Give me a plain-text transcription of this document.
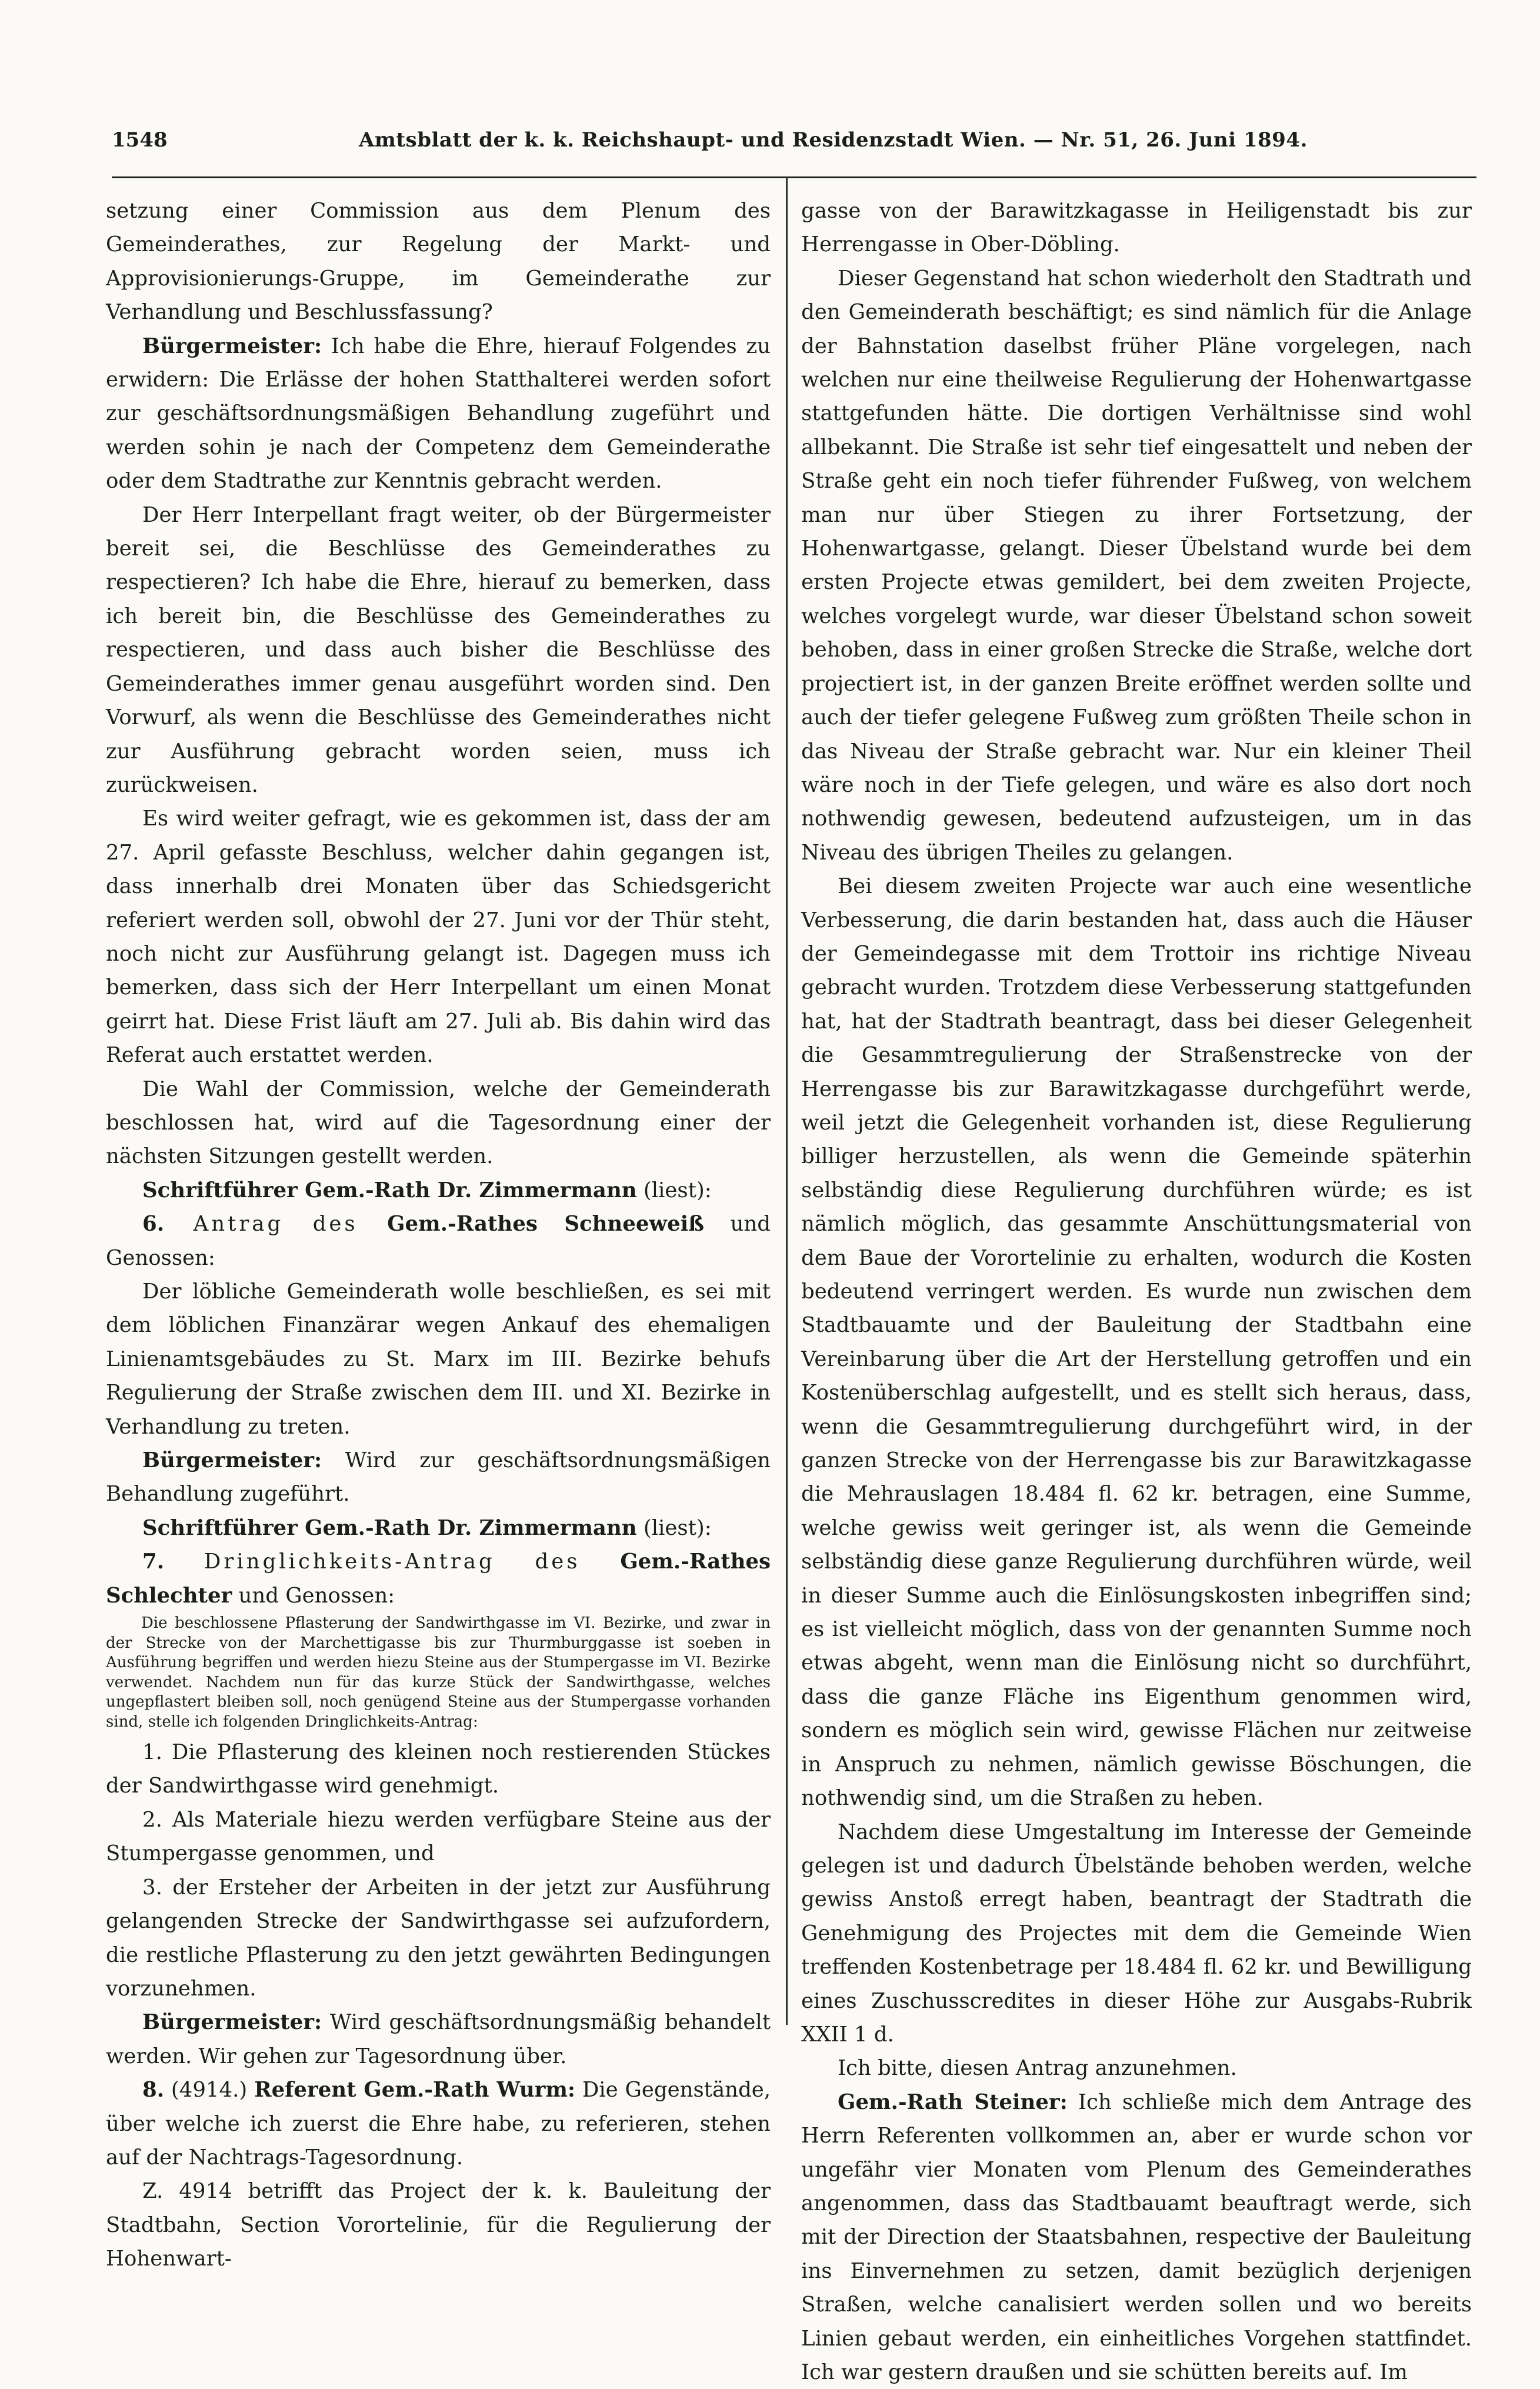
1548	Amtsblatt der k. k. Reichshaupt- und Residenzstadt Wien. — Nr. 51, 26. Juni 1894.

setzung einer Commission aus dem Plenum des Gemeinderathes, zur Regelung der Markt- und Approvisionierungs-Gruppe, im Gemeinderathe zur Verhandlung und Beschlussfassung?

Bürgermeister: Ich habe die Ehre, hierauf Folgendes zu erwidern: Die Erlässe der hohen Statthalterei werden sofort zur geschäftsordnungsmäßigen Behandlung zugeführt und werden sohin je nach der Competenz dem Gemeinderathe oder dem Stadtrathe zur Kenntnis gebracht werden.

Der Herr Interpellant fragt weiter, ob der Bürgermeister bereit sei, die Beschlüsse des Gemeinderathes zu respectieren? Ich habe die Ehre, hierauf zu bemerken, dass ich bereit bin, die Beschlüsse des Gemeinderathes zu respectieren, und dass auch bisher die Beschlüsse des Gemeinderathes immer genau ausgeführt worden sind. Den Vorwurf, als wenn die Beschlüsse des Gemeinderathes nicht zur Ausführung gebracht worden seien, muss ich zurückweisen.

Es wird weiter gefragt, wie es gekommen ist, dass der am 27. April gefasste Beschluss, welcher dahin gegangen ist, dass innerhalb drei Monaten über das Schiedsgericht referiert werden soll, obwohl der 27. Juni vor der Thür steht, noch nicht zur Ausführung gelangt ist. Dagegen muss ich bemerken, dass sich der Herr Interpellant um einen Monat geirrt hat. Diese Frist läuft am 27. Juli ab. Bis dahin wird das Referat auch erstattet werden.

Die Wahl der Commission, welche der Gemeinderath beschlossen hat, wird auf die Tagesordnung einer der nächsten Sitzungen gestellt werden.

Schriftführer Gem.-Rath Dr. Zimmermann (liest):

6. Antrag des Gem.-Rathes Schneeweiß und Genossen:

Der löbliche Gemeinderath wolle beschließen, es sei mit dem löblichen Finanzärar wegen Ankauf des ehemaligen Linienamtsgebäudes zu St. Marx im III. Bezirke behufs Regulierung der Straße zwischen dem III. und XI. Bezirke in Verhandlung zu treten.

Bürgermeister: Wird zur geschäftsordnungsmäßigen Behandlung zugeführt.

Schriftführer Gem.-Rath Dr. Zimmermann (liest):

7. Dringlichkeits-Antrag des Gem.-Rathes Schlechter und Genossen:

Die beschlossene Pflasterung der Sandwirthgasse im VI. Bezirke, und zwar in der Strecke von der Marchettigasse bis zur Thurmburggasse ist soeben in Ausführung begriffen und werden hiezu Steine aus der Stumpergasse im VI. Bezirke verwendet. Nachdem nun für das kurze Stück der Sandwirthgasse, welches ungepflastert bleiben soll, noch genügend Steine aus der Stumpergasse vorhanden sind, stelle ich folgenden Dringlichkeits-Antrag:

1. Die Pflasterung des kleinen noch restierenden Stückes der Sandwirthgasse wird genehmigt.

2. Als Materiale hiezu werden verfügbare Steine aus der Stumpergasse genommen, und

3. der Ersteher der Arbeiten in der jetzt zur Ausführung gelangenden Strecke der Sandwirthgasse sei aufzufordern, die restliche Pflasterung zu den jetzt gewährten Bedingungen vorzunehmen.

Bürgermeister: Wird geschäftsordnungsmäßig behandelt werden. Wir gehen zur Tagesordnung über.

8. (4914.) Referent Gem.-Rath Wurm: Die Gegenstände, über welche ich zuerst die Ehre habe, zu referieren, stehen auf der Nachtrags-Tagesordnung.

Z. 4914 betrifft das Project der k. k. Bauleitung der Stadtbahn, Section Vorortelinie, für die Regulierung der Hohenwart-

gasse von der Barawitzkagasse in Heiligenstadt bis zur Herrengasse in Ober-Döbling.

Dieser Gegenstand hat schon wiederholt den Stadtrath und den Gemeinderath beschäftigt; es sind nämlich für die Anlage der Bahnstation daselbst früher Pläne vorgelegen, nach welchen nur eine theilweise Regulierung der Hohenwartgasse stattgefunden hätte. Die dortigen Verhältnisse sind wohl allbekannt. Die Straße ist sehr tief eingesattelt und neben der Straße geht ein noch tiefer führender Fußweg, von welchem man nur über Stiegen zu ihrer Fortsetzung, der Hohenwartgasse, gelangt. Dieser Übelstand wurde bei dem ersten Projecte etwas gemildert, bei dem zweiten Projecte, welches vorgelegt wurde, war dieser Übelstand schon soweit behoben, dass in einer großen Strecke die Straße, welche dort projectiert ist, in der ganzen Breite eröffnet werden sollte und auch der tiefer gelegene Fußweg zum größten Theile schon in das Niveau der Straße gebracht war. Nur ein kleiner Theil wäre noch in der Tiefe gelegen, und wäre es also dort noch nothwendig gewesen, bedeutend aufzusteigen, um in das Niveau des übrigen Theiles zu gelangen.

Bei diesem zweiten Projecte war auch eine wesentliche Verbesserung, die darin bestanden hat, dass auch die Häuser der Gemeindegasse mit dem Trottoir ins richtige Niveau gebracht wurden. Trotzdem diese Verbesserung stattgefunden hat, hat der Stadtrath beantragt, dass bei dieser Gelegenheit die Gesammtregulierung der Straßenstrecke von der Herrengasse bis zur Barawitzkagasse durchgeführt werde, weil jetzt die Gelegenheit vorhanden ist, diese Regulierung billiger herzustellen, als wenn die Gemeinde späterhin selbständig diese Regulierung durchführen würde; es ist nämlich möglich, das gesammte Anschüttungsmaterial von dem Baue der Vorortelinie zu erhalten, wodurch die Kosten bedeutend verringert werden. Es wurde nun zwischen dem Stadtbauamte und der Bauleitung der Stadtbahn eine Vereinbarung über die Art der Herstellung getroffen und ein Kostenüberschlag aufgestellt, und es stellt sich heraus, dass, wenn die Gesammtregulierung durchgeführt wird, in der ganzen Strecke von der Herrengasse bis zur Barawitzkagasse die Mehrauslagen 18.484 fl. 62 kr. betragen, eine Summe, welche gewiss weit geringer ist, als wenn die Gemeinde selbständig diese ganze Regulierung durchführen würde, weil in dieser Summe auch die Einlösungskosten inbegriffen sind; es ist vielleicht möglich, dass von der genannten Summe noch etwas abgeht, wenn man die Einlösung nicht so durchführt, dass die ganze Fläche ins Eigenthum genommen wird, sondern es möglich sein wird, gewisse Flächen nur zeitweise in Anspruch zu nehmen, nämlich gewisse Böschungen, die nothwendig sind, um die Straßen zu heben.

Nachdem diese Umgestaltung im Interesse der Gemeinde gelegen ist und dadurch Übelstände behoben werden, welche gewiss Anstoß erregt haben, beantragt der Stadtrath die Genehmigung des Projectes mit dem die Gemeinde Wien treffenden Kostenbetrage per 18.484 fl. 62 kr. und Bewilligung eines Zuschusscredites in dieser Höhe zur Ausgabs-Rubrik XXII 1 d.

Ich bitte, diesen Antrag anzunehmen.

Gem.-Rath Steiner: Ich schließe mich dem Antrage des Herrn Referenten vollkommen an, aber er wurde schon vor ungefähr vier Monaten vom Plenum des Gemeinderathes angenommen, dass das Stadtbauamt beauftragt werde, sich mit der Direction der Staatsbahnen, respective der Bauleitung ins Einvernehmen zu setzen, damit bezüglich derjenigen Straßen, welche canalisiert werden sollen und wo bereits Linien gebaut werden, ein einheitliches Vorgehen stattfindet. Ich war gestern draußen und sie schütten bereits auf. Im
